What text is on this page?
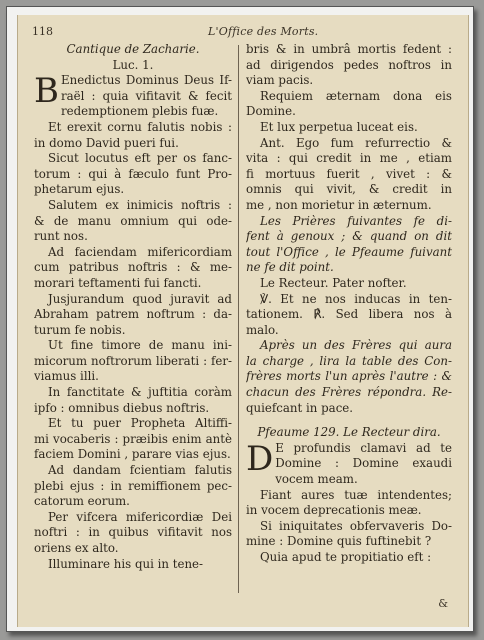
118	L'Office des Morts.
Cantique de Zacharie.
Luc. 1.
B Enedictus Dominus Deus If-
raël : quia vifitavit & fecit
redemptionem plebis fuæ.
Et erexit cornu falutis nobis :
in domo David pueri fui.
Sicut locutus eft per os fanc-
torum : qui à fæculo funt Pro-
phetarum ejus.
Salutem ex inimicis noftris :
& de manu omnium qui ode-
runt nos.
Ad faciendam mifericordiam
cum patribus noftris : & me-
morari teftamenti fui fancti.
Jusjurandum quod juravit ad
Abraham patrem noftrum : da-
turum fe nobis.
Ut fine timore de manu ini-
micorum noftrorum liberati : fer-
viamus illi.
In fanctitate & juftitia coràm
ipfo : omnibus diebus noftris.
Et tu puer Propheta Altiffi-
mi vocaberis : præibis enim antè
faciem Domini , parare vias ejus.
Ad dandam fcientiam falutis
plebi ejus : in remiffionem pec-
catorum eorum.
Per vifcera mifericordiæ Dei
noftri : in quibus vifitavit nos
oriens ex alto.
Illuminare his qui in tene-
bris & in umbrâ mortis fedent :
ad dirigendos pedes noftros in
viam pacis.
Requiem æternam dona eis
Domine.
Et lux perpetua luceat eis.
Ant. Ego fum refurrectio &
vita : qui credit in me , etiam
fi mortuus fuerit , vivet : &
omnis qui vivit, & credit in
me , non morietur in æternum.
Les Prières fuivantes fe di-
fent à genoux ; & quand on dit
tout l'Office , le Pfeaume fuivant
ne fe dit point.
Le Recteur. Pater nofter.
℣. Et ne nos inducas in ten-
tationem. ℟. Sed libera nos à
malo.
Après un des Frères qui aura
la charge , lira la table des Con-
frères morts l'un après l'autre : &
chacun des Frères répondra. Re-
quiefcant in pace.
Pfeaume 129. Le Recteur dira.
D E profundis clamavi ad te
Domine : Domine exaudi
vocem meam.
Fiant aures tuæ intendentes;
in vocem deprecationis meæ.
Si iniquitates obfervaveris Do-
mine : Domine quis fuftinebit ?
Quia apud te propitiatio eft :
&
